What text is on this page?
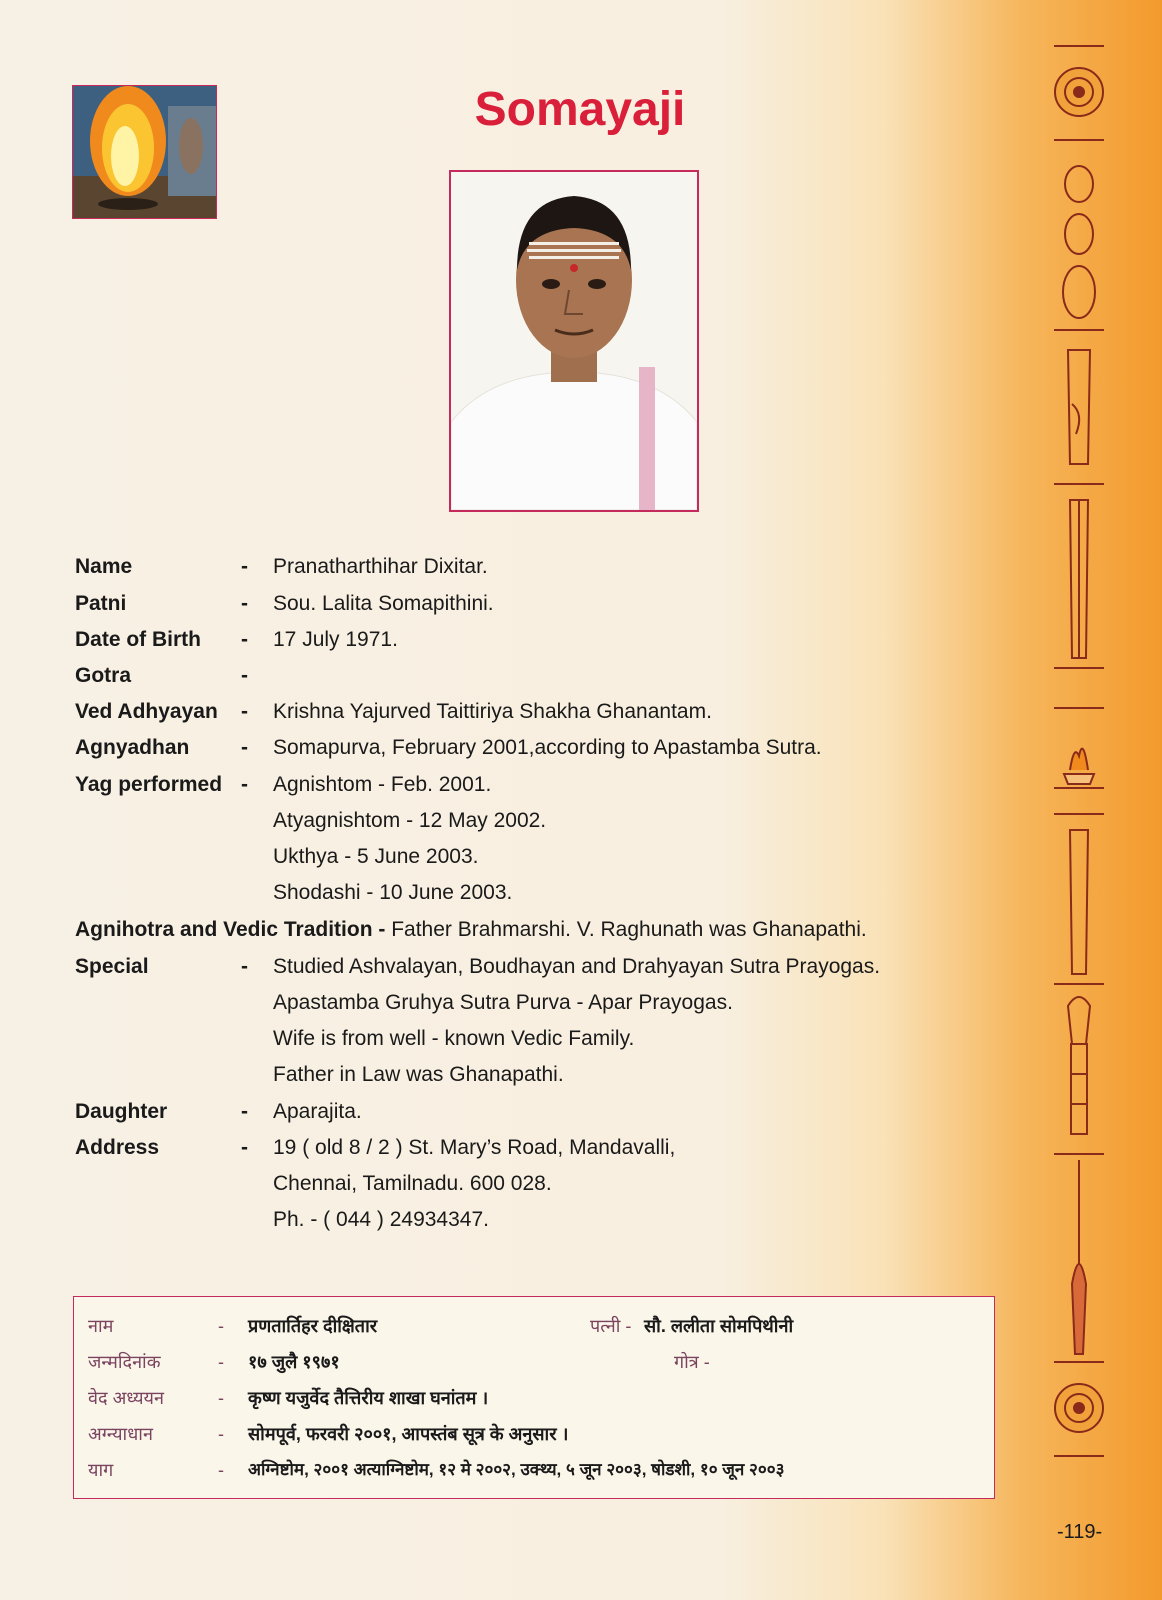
Somayaji
Name	- Pranatharthihar Dixitar.
Patni	- Sou. Lalita Somapithini.
Date of Birth - 17 July 1971.
Gotra	-
Ved Adhyayan - Krishna Yajurved Taittiriya Shakha Ghanantam.
Agnyadhan - Somapurva, February 2001,according to Apastamba Sutra.
Yag performed - Agnishtom - Feb. 2001.
Atyagnishtom - 12 May 2002.
Ukthya - 5 June 2003.
Shodashi - 10 June 2003.
Agnihotra and Vedic Tradition - Father Brahmarshi. V. Raghunath was Ghanapathi.
Special	- Studied Ashvalayan, Boudhayan and Drahyayan Sutra Prayogas.
Apastamba Gruhya Sutra Purva - Apar Prayogas.
Wife is from well - known Vedic Family.
Father in Law was Ghanapathi.
Daughter	- Aparajita.
Address	- 19 ( old 8 / 2 ) St. Mary’s Road, Mandavalli,
Chennai, Tamilnadu. 600 028.
Ph. - ( 044 ) 24934347.
नाम	- प्रणतार्तिहर दीक्षितार	पत्नी - सौ. ललीता सोमपिथीनी
जन्मदिनांक	- १७ जुलै १९७१	गोत्र -
वेद अध्ययन	- कृष्ण यजुर्वेद तैत्तिरीय शाखा घनांतम ।
अग्न्याधान	- सोमपूर्व, फरवरी २००१, आपस्तंब सूत्र के अनुसार ।
याग	- अग्निष्टोम, २००१ अत्याग्निष्टोम, १२ मे २००२, उक्थ्य, ५ जून २००३, षोडशी, १० जून २००३
-119-
